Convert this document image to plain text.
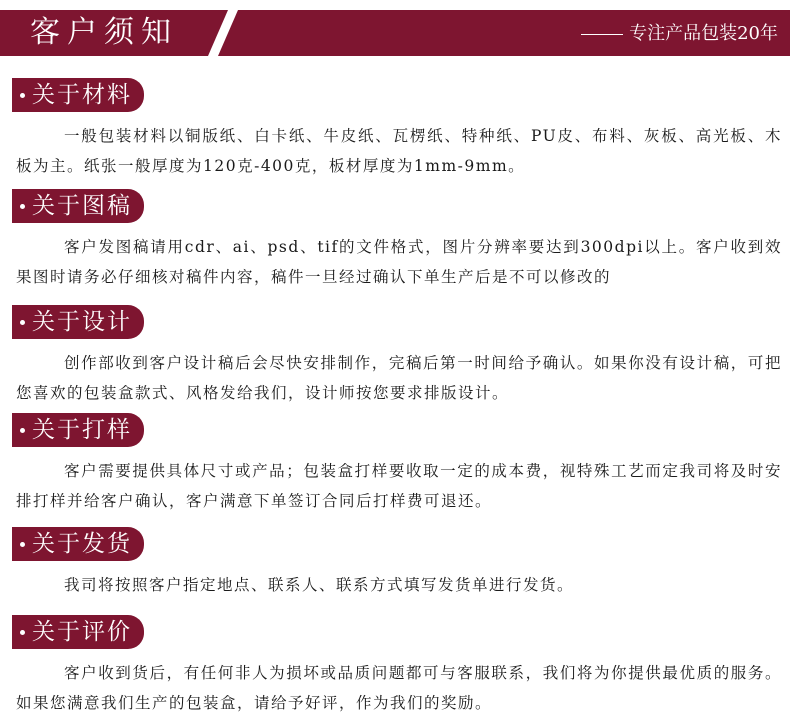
客户须知	专注产品包装20年
关于材料
一般包装材料以铜版纸、白卡纸、牛皮纸、瓦楞纸、特种纸、PU皮、布料、灰板、高光板、木板为主。纸张一般厚度为120克-400克，板材厚度为1mm-9mm。
关于图稿
客户发图稿请用cdr、ai、psd、tif的文件格式，图片分辨率要达到300dpi以上。客户收到效果图时请务必仔细核对稿件内容，稿件一旦经过确认下单生产后是不可以修改的
关于设计
创作部收到客户设计稿后会尽快安排制作，完稿后第一时间给予确认。如果你没有设计稿，可把您喜欢的包装盒款式、风格发给我们，设计师按您要求排版设计。
关于打样
客户需要提供具体尺寸或产品；包装盒打样要收取一定的成本费，视特殊工艺而定我司将及时安排打样并给客户确认，客户满意下单签订合同后打样费可退还。
关于发货
我司将按照客户指定地点、联系人、联系方式填写发货单进行发货。
关于评价
客户收到货后，有任何非人为损坏或品质问题都可与客服联系，我们将为你提供最优质的服务。如果您满意我们生产的包装盒，请给予好评，作为我们的奖励。
